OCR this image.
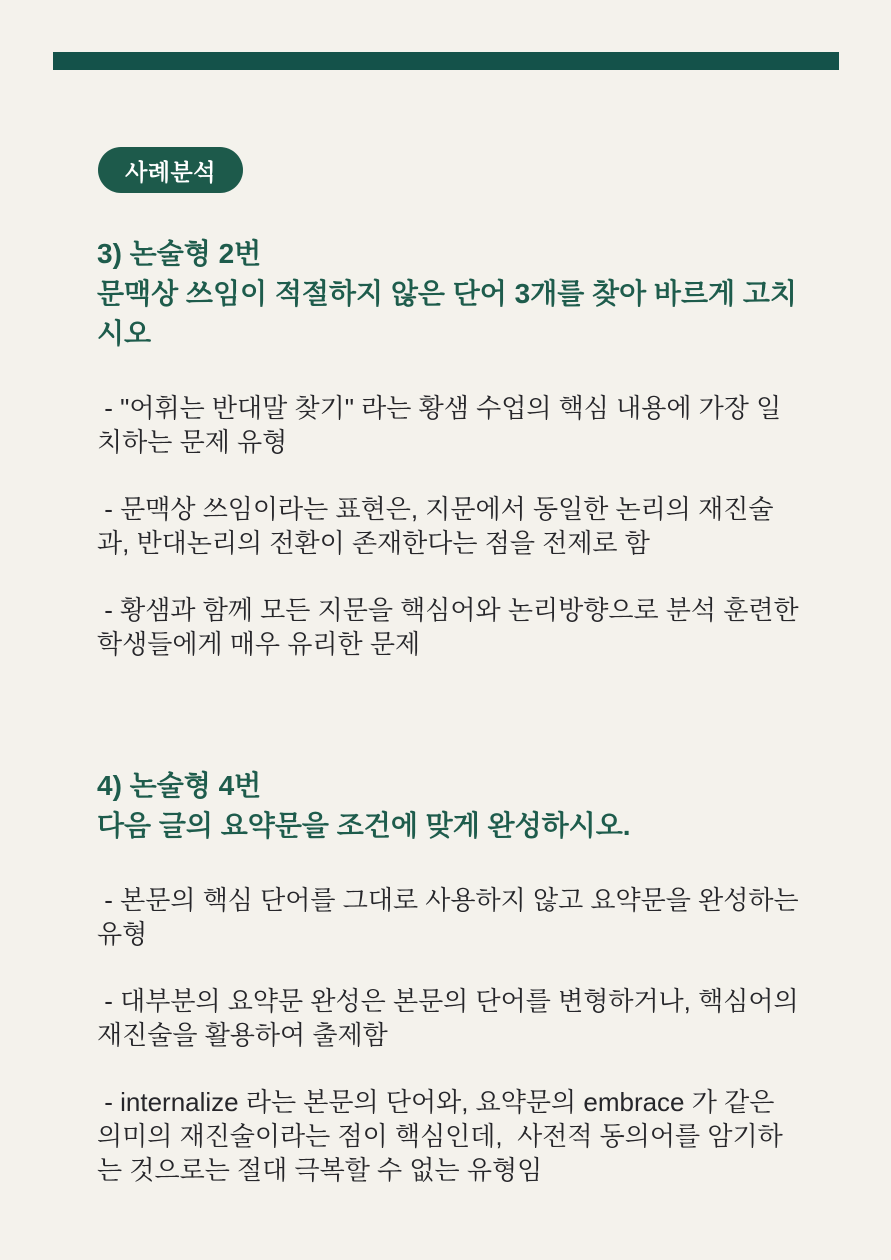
사례분석
3) 논술형 2번
문맥상 쓰임이 적절하지 않은 단어 3개를 찾아 바르게 고치시오

- "어휘는 반대말 찾기" 라는 황샘 수업의 핵심 내용에 가장 일치하는 문제 유형

- 문맥상 쓰임이라는 표현은, 지문에서 동일한 논리의 재진술과, 반대논리의 전환이 존재한다는 점을 전제로 함

- 황샘과 함께 모든 지문을 핵심어와 논리방향으로 분석 훈련한 학생들에게 매우 유리한 문제

4) 논술형 4번
다음 글의 요약문을 조건에 맞게 완성하시오.

- 본문의 핵심 단어를 그대로 사용하지 않고 요약문을 완성하는 유형

- 대부분의 요약문 완성은 본문의 단어를 변형하거나, 핵심어의 재진술을 활용하여 출제함

- internalize 라는 본문의 단어와, 요약문의 embrace 가 같은 의미의 재진술이라는 점이 핵심인데,  사전적 동의어를 암기하는 것으로는 절대 극복할 수 없는 유형임
